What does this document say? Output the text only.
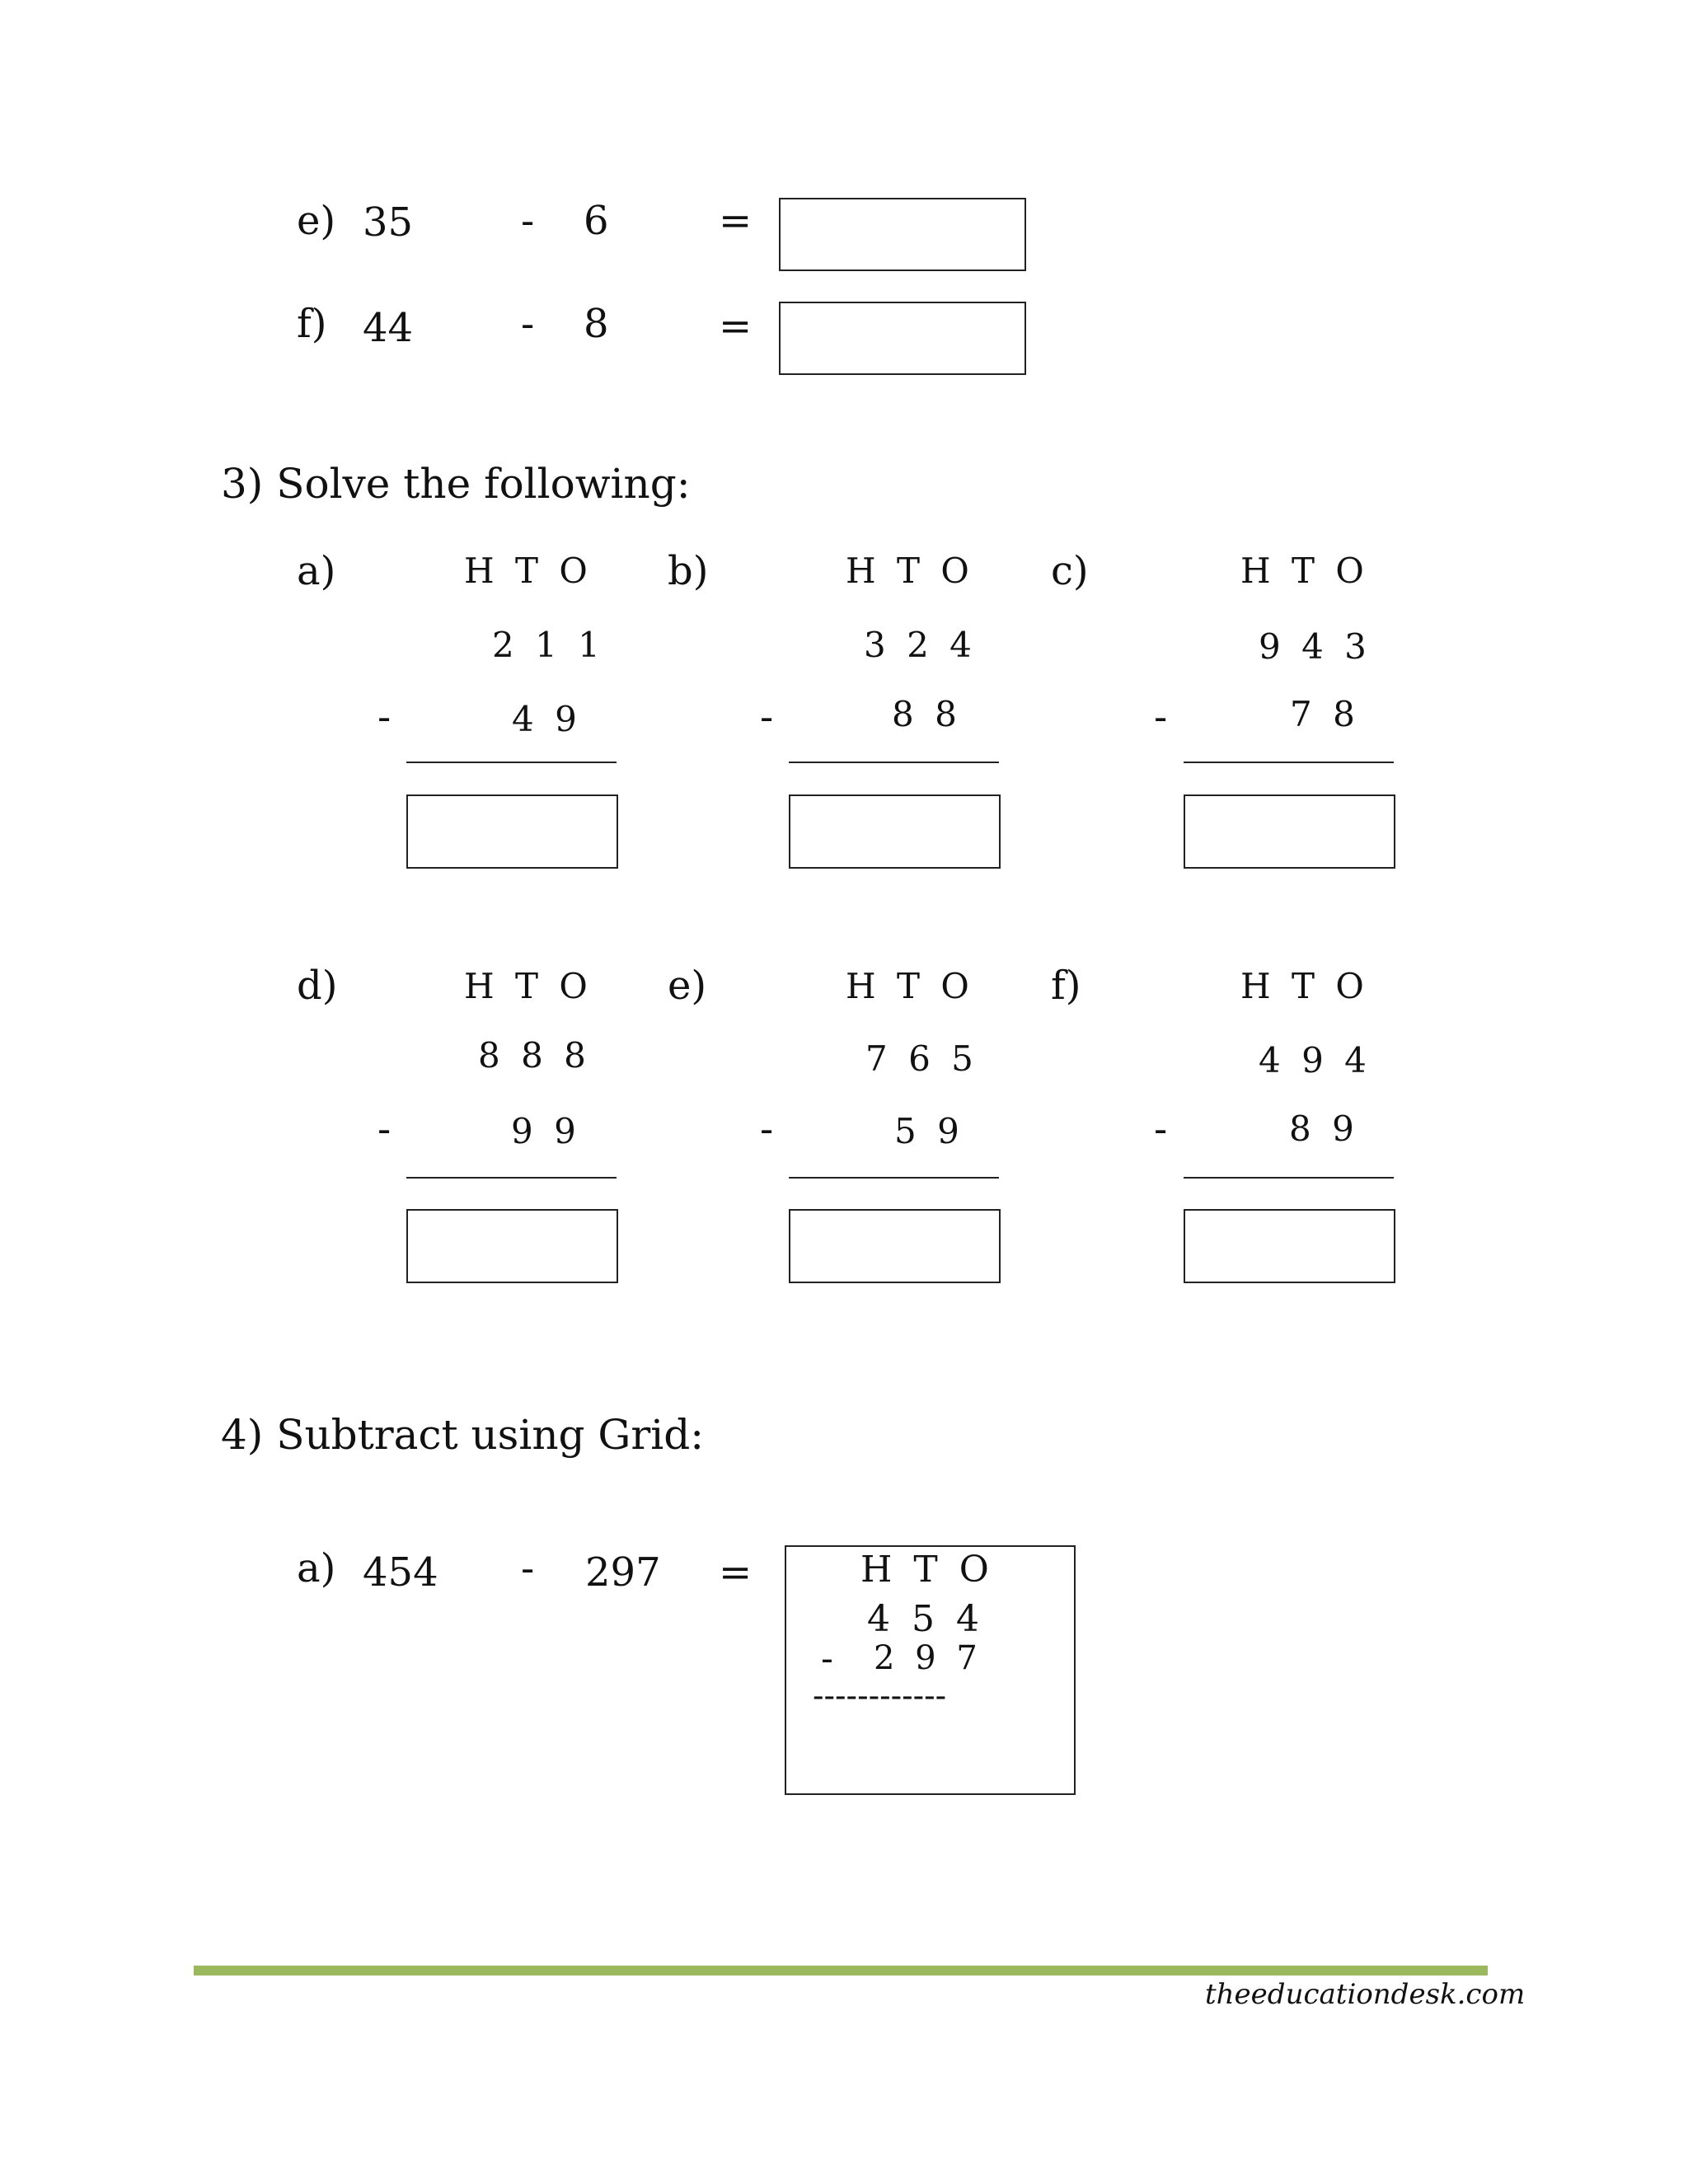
e) 35	- 6	=
f) 44	- 8	=
3) Solve the following:
a)	H T O
2 1 1
-	4 9
b)	H T O
3 2 4
-	8 8
c)	H T O
9 4 3
-	7 8
d)	H T O
8 8 8
-	9 9
e)	H T O
7 6 5
-	5 9
f)	H T O
4 9 4
-	8 9
4) Subtract using Grid:
a) 454 - 297 =	H T O
4 5 4
- 2 9 7
------------
theeducationdesk.com
